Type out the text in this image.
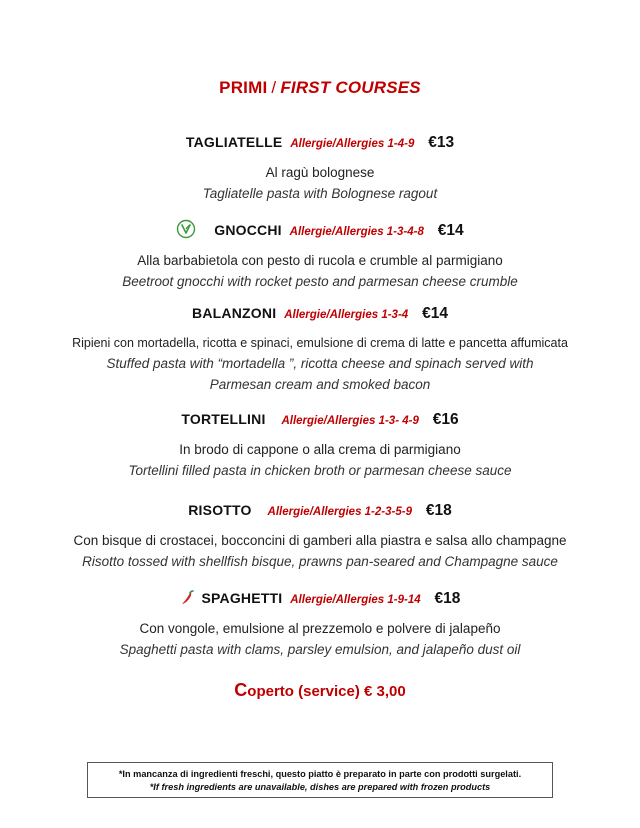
PRIMI / FIRST COURSES
TAGLIATELLE Allergie/Allergies 1-4-9 €13
Al ragù bolognese
Tagliatelle pasta with Bolognese ragout
GNOCCHI Allergie/Allergies 1-3-4-8 €14
Alla barbabietola con pesto di rucola e crumble al parmigiano
Beetroot gnocchi with rocket pesto and parmesan cheese crumble
BALANZONI Allergie/Allergies 1-3-4 €14
Ripieni con mortadella, ricotta e spinaci, emulsione di crema di latte e pancetta affumicata
Stuffed pasta with “mortadella ”, ricotta cheese and spinach served with
Parmesan cream and smoked bacon
TORTELLINI Allergie/Allergies 1-3- 4-9 €16
In brodo di cappone o alla crema di parmigiano
Tortellini filled pasta in chicken broth or parmesan cheese sauce
RISOTTO Allergie/Allergies 1-2-3-5-9 €18
Con bisque di crostacei, bocconcini di gamberi alla piastra e salsa allo champagne
Risotto tossed with shellfish bisque, prawns pan-seared and Champagne sauce
SPAGHETTI Allergie/Allergies 1-9-14 €18
Con vongole, emulsione al prezzemolo e polvere di jalapeño
Spaghetti pasta with clams, parsley emulsion, and jalapeño dust oil
Coperto (service) € 3,00
*In mancanza di ingredienti freschi, questo piatto è preparato in parte con prodotti surgelati.
*If fresh ingredients are unavailable, dishes are prepared with frozen products
